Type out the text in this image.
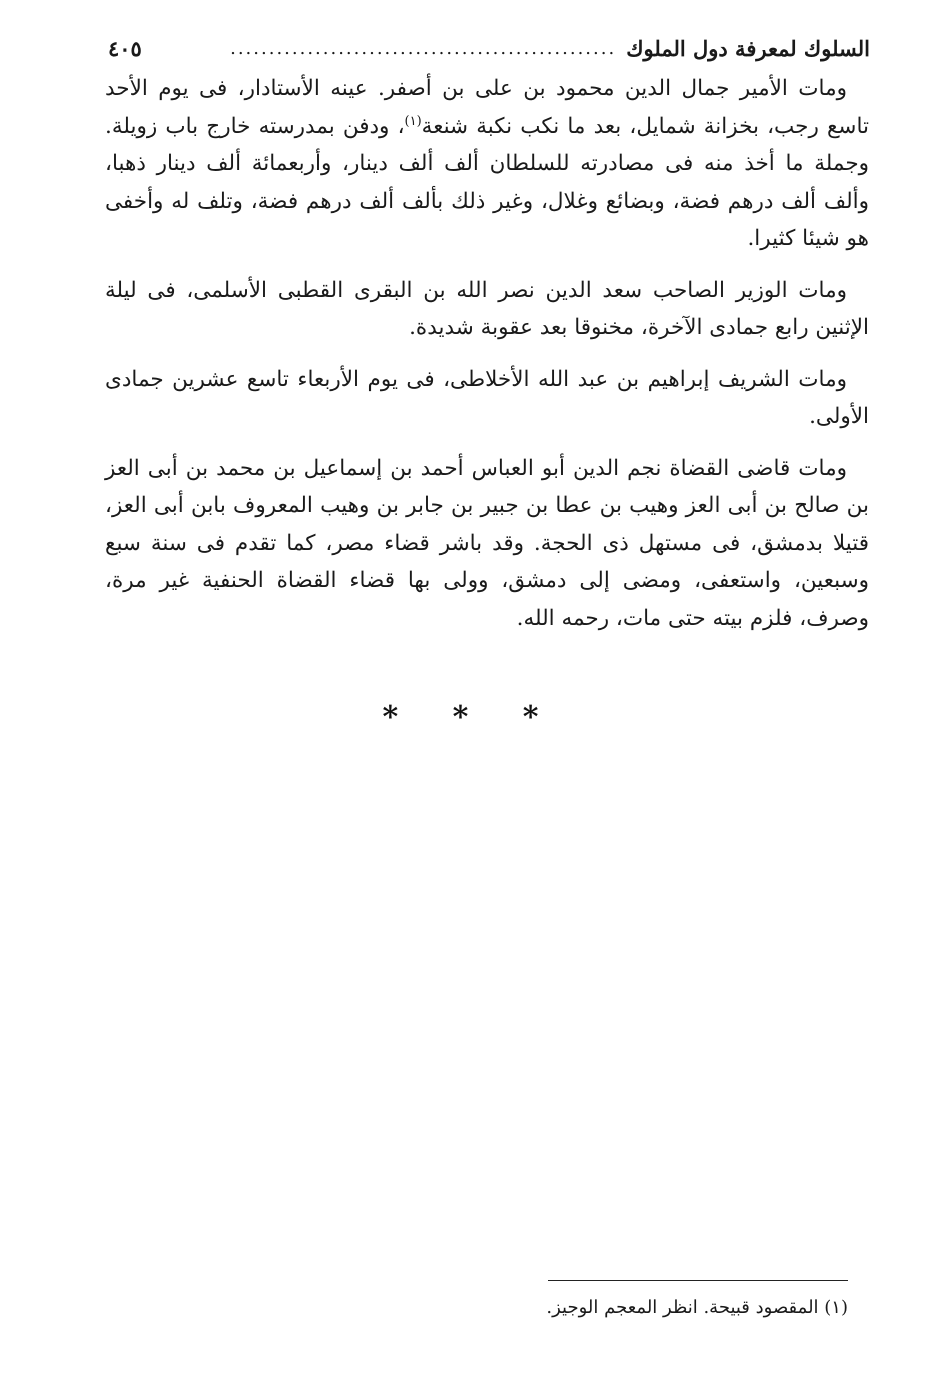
السلوك لمعرفة دول الملوك
..................................................
٤٠٥

ومات الأمير جمال الدين محمود بن على بن أصفر. عينه الأستادار، فى يوم الأحد تاسع رجب، بخزانة شمايل، بعد ما نكب نكبة شنعة$^{(١)}$، ودفن بمدرسته خارج باب زويلة. وجملة ما أخذ منه فى مصادرته للسلطان ألف ألف دينار، وأربعمائة ألف دينار ذهبا، وألف ألف درهم فضة، وبضائع وغلال، وغير ذلك بألف ألف درهم فضة، وتلف له وأخفى هو شيئا كثيرا.

ومات الوزير الصاحب سعد الدين نصر الله بن البقرى القطبى الأسلمى، فى ليلة الإثنين رابع جمادى الآخرة، مخنوقا بعد عقوبة شديدة.

ومات الشريف إبراهيم بن عبد الله الأخلاطى، فى يوم الأربعاء تاسع عشرين جمادى الأولى.

ومات قاضى القضاة نجم الدين أبو العباس أحمد بن إسماعيل بن محمد بن أبى العز بن صالح بن أبى العز وهيب بن عطا بن جبير بن جابر بن وهيب المعروف بابن أبى العز، قتيلا بدمشق، فى مستهل ذى الحجة. وقد باشر قضاء مصر، كما تقدم فى سنة سبع وسبعين، واستعفى، ومضى إلى دمشق، وولى بها قضاء القضاة الحنفية غير مرة، وصرف، فلزم بيته حتى مات، رحمه الله.

* * *
(١) المقصود قبيحة. انظر المعجم الوجيز.
